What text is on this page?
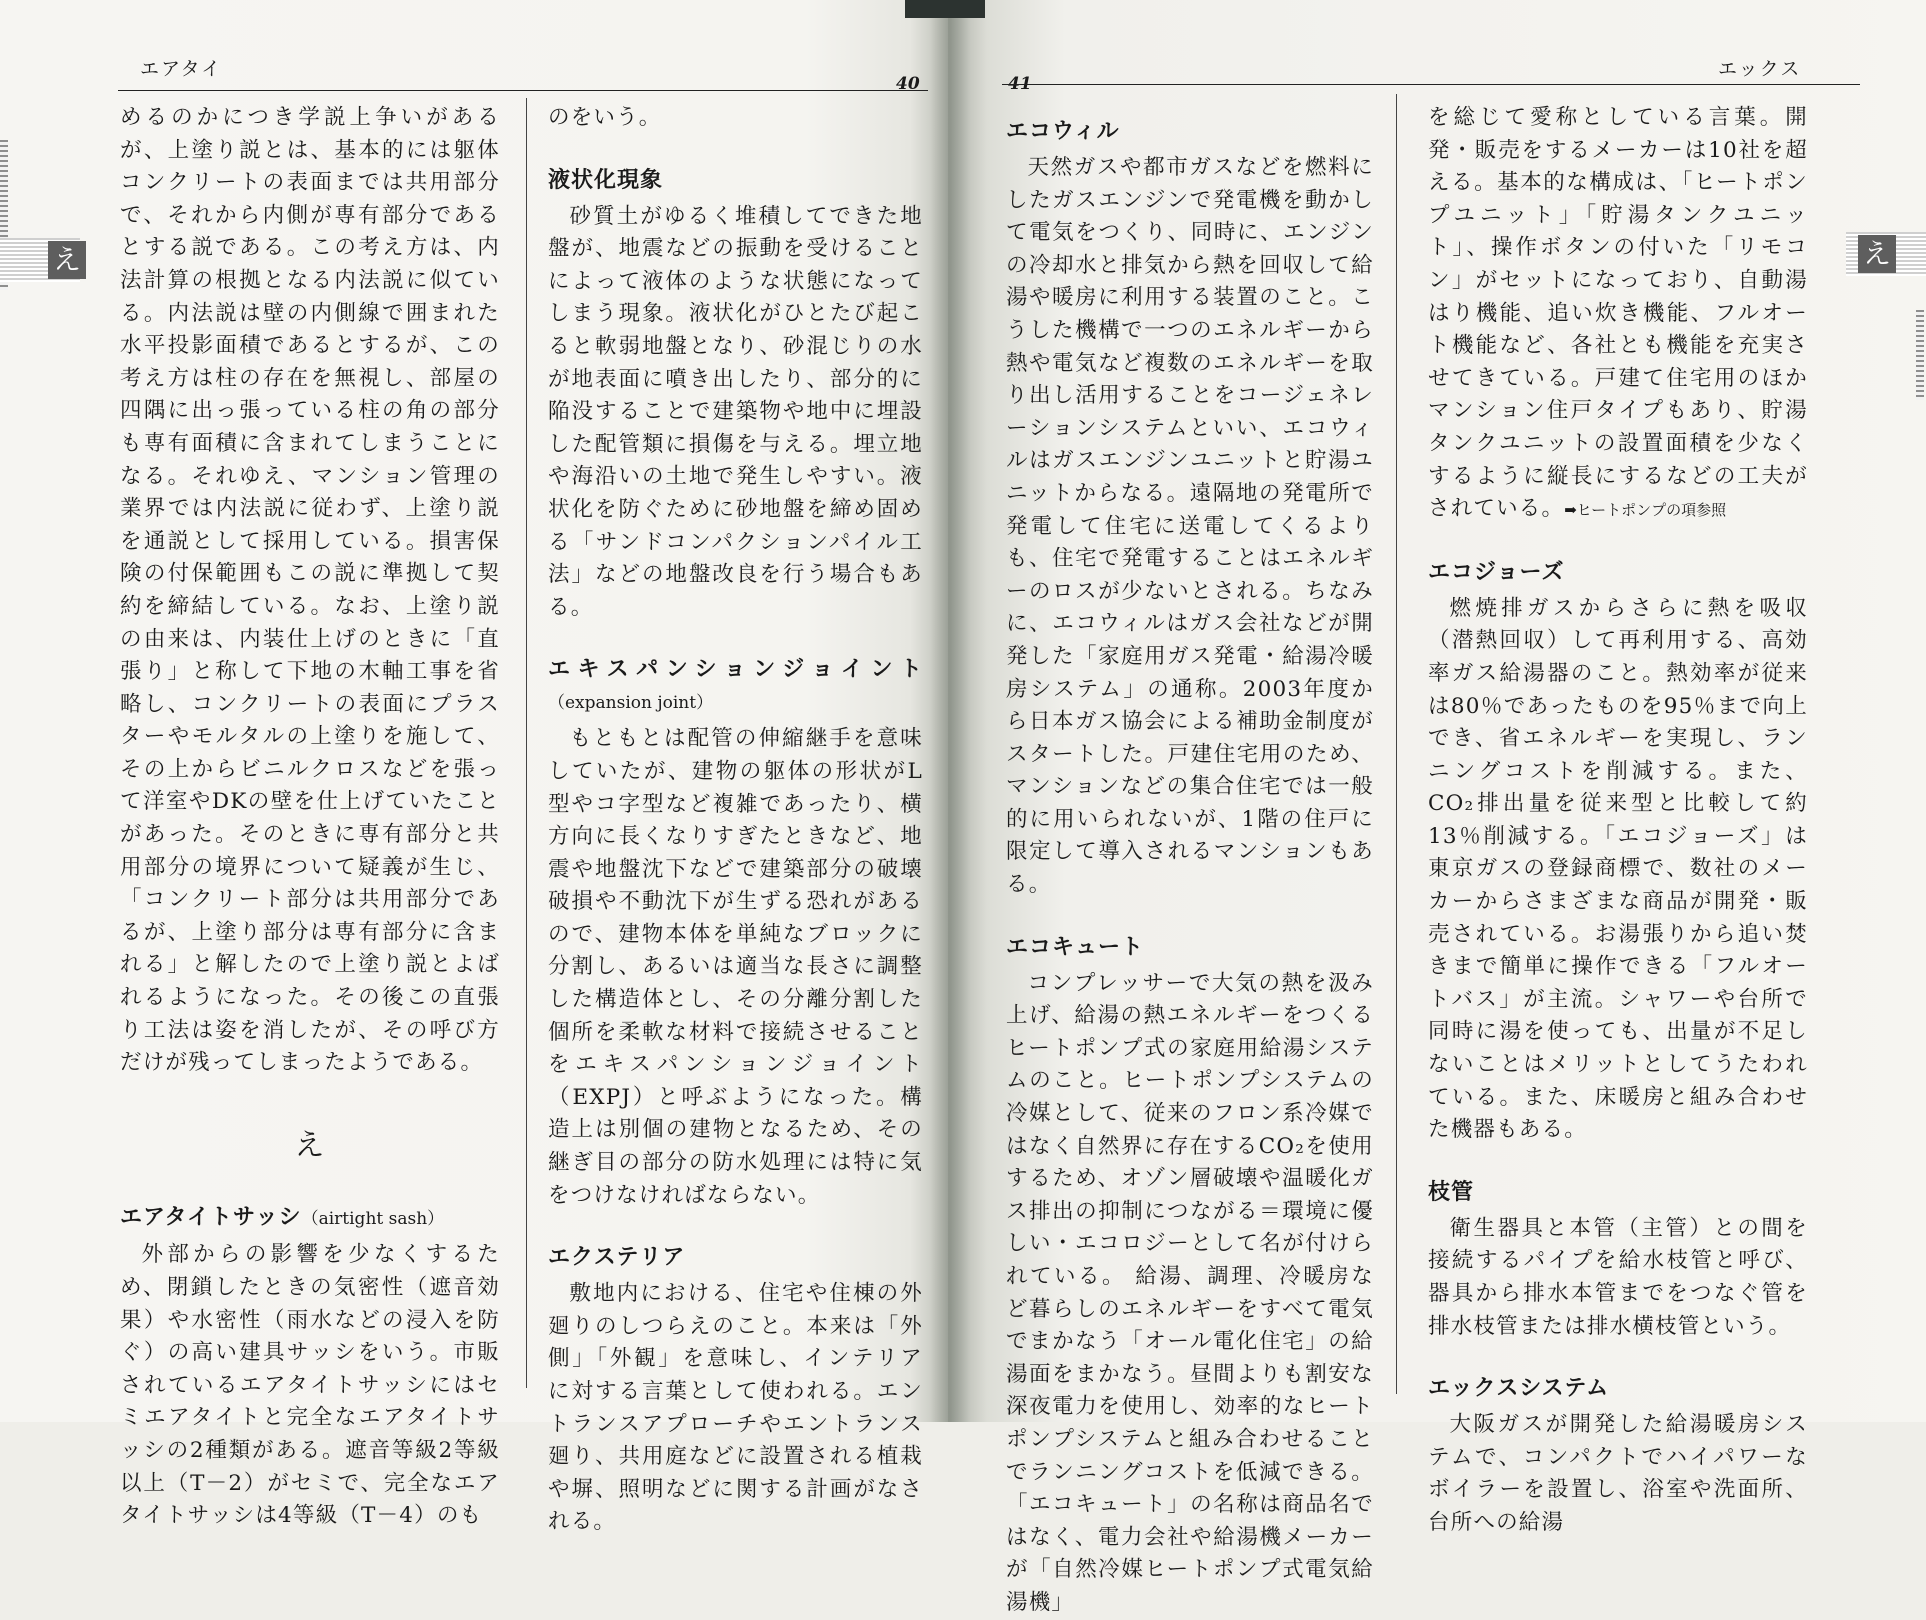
エアタイ
40
え

めるのかにつき学説上争いがあるが、上塗り説とは、基本的には躯体コンクリートの表面までは共用部分で、それから内側が専有部分であるとする説である。この考え方は、内法計算の根拠となる内法説に似ている。内法説は壁の内側線で囲まれた水平投影面積であるとするが、この考え方は柱の存在を無視し、部屋の四隅に出っ張っている柱の角の部分も専有面積に含まれてしまうことになる。それゆえ、マンション管理の業界では内法説に従わず、上塗り説を通説として採用している。損害保険の付保範囲もこの説に準拠して契約を締結している。なお、上塗り説の由来は、内装仕上げのときに「直張り」と称して下地の木軸工事を省略し、コンクリートの表面にプラスターやモルタルの上塗りを施して、その上からビニルクロスなどを張って洋室やDKの壁を仕上げていたことがあった。そのときに専有部分と共用部分の境界について疑義が生じ、「コンクリート部分は共用部分であるが、上塗り部分は専有部分に含まれる」と解したので上塗り説とよばれるようになった。その後この直張り工法は姿を消したが、その呼び方だけが残ってしまったようである。

え

エアタイトサッシ（airtight sash）

外部からの影響を少なくするため、閉鎖したときの気密性（遮音効果）や水密性（雨水などの浸入を防ぐ）の高い建具サッシをいう。市販されているエアタイトサッシにはセミエアタイトと完全なエアタイトサッシの2種類がある。遮音等級2等級以上（T－2）がセミで、完全なエアタイトサッシは4等級（T－4）のも

のをいう。

液状化現象

砂質土がゆるく堆積してできた地盤が、地震などの振動を受けることによって液体のような状態になってしまう現象。液状化がひとたび起こると軟弱地盤となり、砂混じりの水が地表面に噴き出したり、部分的に陥没することで建築物や地中に埋設した配管類に損傷を与える。埋立地や海沿いの土地で発生しやすい。液状化を防ぐために砂地盤を締め固める「サンドコンパクションパイル工法」などの地盤改良を行う場合もある。

エキスパンションジョイント（expansion joint）

もともとは配管の伸縮継手を意味していたが、建物の躯体の形状がL型やコ字型など複雑であったり、横方向に長くなりすぎたときなど、地震や地盤沈下などで建築部分の破壊破損や不動沈下が生ずる恐れがあるので、建物本体を単純なブロックに分割し、あるいは適当な長さに調整した構造体とし、その分離分割した個所を柔軟な材料で接続させることをエキスパンションジョイント（EXPJ）と呼ぶようになった。構造上は別個の建物となるため、その継ぎ目の部分の防水処理には特に気をつけなければならない。

エクステリア

敷地内における、住宅や住棟の外廻りのしつらえのこと。本来は「外側」「外観」を意味し、インテリアに対する言葉として使われる。エントランスアプローチやエントランス廻り、共用庭などに設置される植栽や塀、照明などに関する計画がなされる。

エックス
41
え
エコウィル

天然ガスや都市ガスなどを燃料にしたガスエンジンで発電機を動かして電気をつくり、同時に、エンジンの冷却水と排気から熱を回収して給湯や暖房に利用する装置のこと。こうした機構で一つのエネルギーから熱や電気など複数のエネルギーを取り出し活用することをコージェネレーションシステムといい、エコウィルはガスエンジンユニットと貯湯ユニットからなる。遠隔地の発電所で発電して住宅に送電してくるよりも、住宅で発電することはエネルギーのロスが少ないとされる。ちなみに、エコウィルはガス会社などが開発した「家庭用ガス発電・給湯冷暖房システム」の通称。2003年度から日本ガス協会による補助金制度がスタートした。戸建住宅用のため、マンションなどの集合住宅では一般的に用いられないが、1階の住戸に限定して導入されるマンションもある。

エコキュート

コンプレッサーで大気の熱を汲み上げ、給湯の熱エネルギーをつくるヒートポンプ式の家庭用給湯システムのこと。ヒートポンプシステムの冷媒として、従来のフロン系冷媒ではなく自然界に存在するCO₂を使用するため、オゾン層破壊や温暖化ガス排出の抑制につながる＝環境に優しい・エコロジーとして名が付けられている。 給湯、調理、冷暖房など暮らしのエネルギーをすべて電気でまかなう「オール電化住宅」の給湯面をまかなう。昼間よりも割安な深夜電力を使用し、効率的なヒートポンプシステムと組み合わせることでランニングコストを低減できる。「エコキュート」の名称は商品名ではなく、電力会社や給湯機メーカーが「自然冷媒ヒートポンプ式電気給湯機」

を総じて愛称としている言葉。開発・販売をするメーカーは10社を超える。基本的な構成は、「ヒートポンプユニット」「貯湯タンクユニット」、操作ボタンの付いた「リモコン」がセットになっており、自動湯はり機能、追い炊き機能、フルオート機能など、各社とも機能を充実させてきている。戸建て住宅用のほかマンション住戸タイプもあり、貯湯タンクユニットの設置面積を少なくするように縦長にするなどの工夫がされている。➡ヒートポンプの項参照

エコジョーズ

燃焼排ガスからさらに熱を吸収（潜熱回収）して再利用する、高効率ガス給湯器のこと。熱効率が従来は80％であったものを95％まで向上でき、省エネルギーを実現し、ランニングコストを削減する。また、CO₂排出量を従来型と比較して約13％削減する。「エコジョーズ」は東京ガスの登録商標で、数社のメーカーからさまざまな商品が開発・販売されている。お湯張りから追い焚きまで簡単に操作できる「フルオートバス」が主流。シャワーや台所で同時に湯を使っても、出量が不足しないことはメリットとしてうたわれている。また、床暖房と組み合わせた機器もある。

枝管

衛生器具と本管（主管）との間を接続するパイプを給水枝管と呼び、器具から排水本管までをつなぐ管を排水枝管または排水横枝管という。

エックスシステム

大阪ガスが開発した給湯暖房システムで、コンパクトでハイパワーなボイラーを設置し、浴室や洗面所、台所への給湯
